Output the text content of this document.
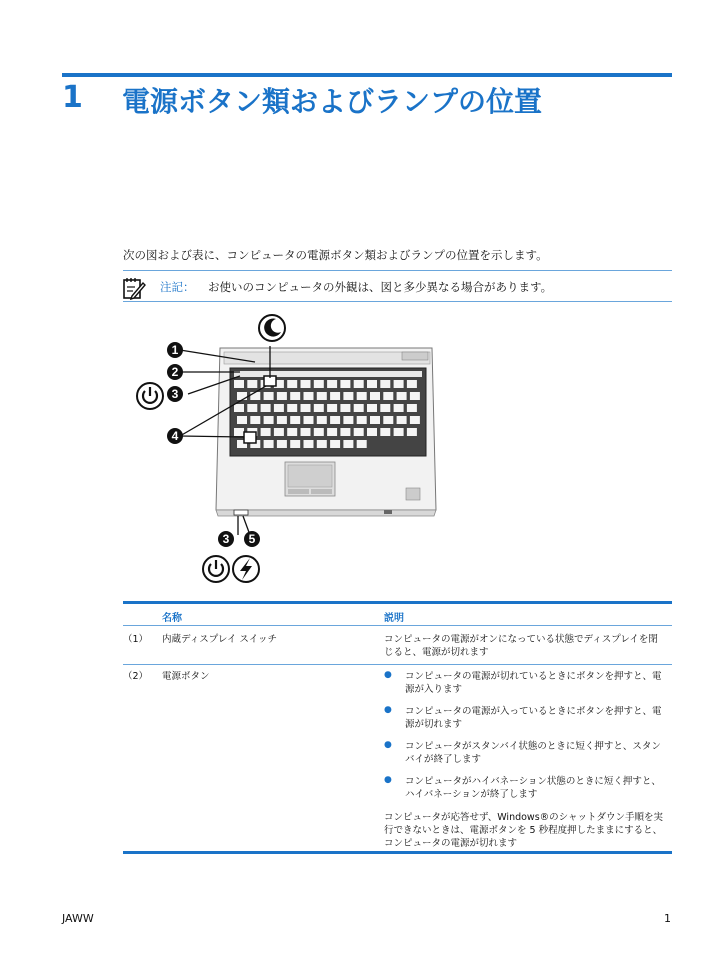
1 電源ボタン類およびランプの位置
次の図および表に、コンピュータの電源ボタン類およびランプの位置を示します。
注記： お使いのコンピュータの外観は、図と多少異なる場合があります。
1
2
3
4
3 5
名称	説明
（1） 内蔵ディスプレイ スイッチ	コンピュータの電源がオンになっている状態でディスプレイを閉
じると、電源が切れます
（2） 電源ボタン	● コンピュータの電源が切れているときにボタンを押すと、電
源が入ります
● コンピュータの電源が入っているときにボタンを押すと、電
源が切れます
● コンピュータがスタンバイ状態のときに短く押すと、スタン
バイが終了します
● コンピュータがハイバネーション状態のときに短く押すと、
ハイバネーションが終了します
コンピュータが応答せず、Windows®のシャットダウン手順を実
行できないときは、電源ボタンを 5 秒程度押したままにすると、
コンピュータの電源が切れます
JAWW	1
